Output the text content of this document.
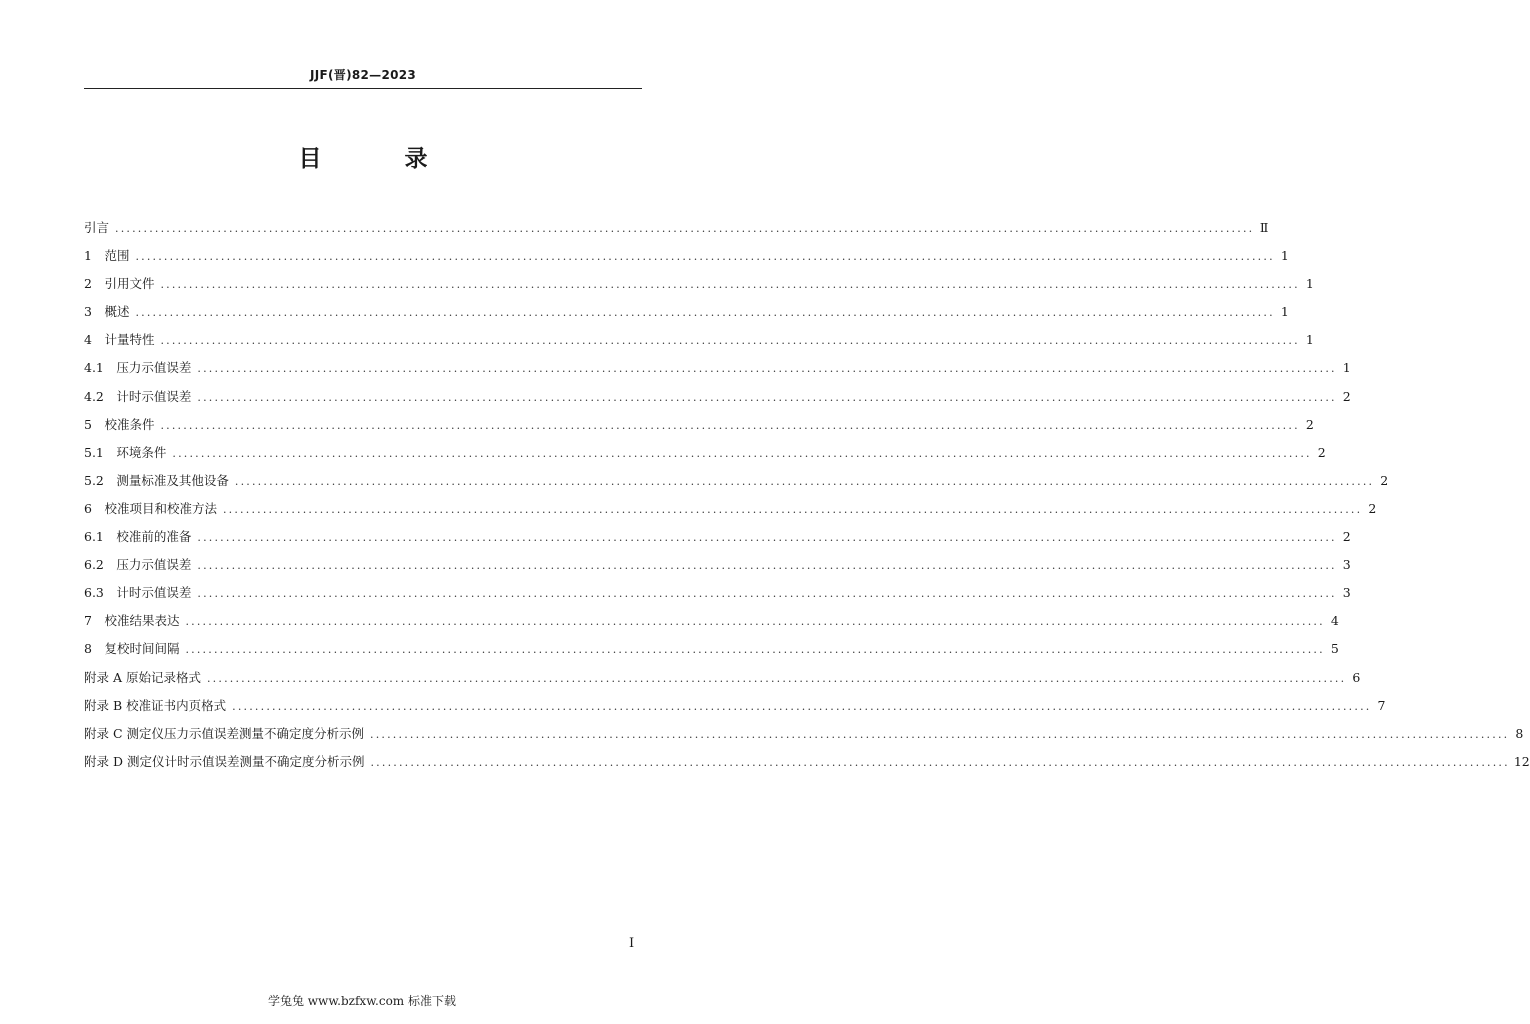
JJF(晋)82—2023
目　录
引言 ........................................................................................................................................................................................................ Ⅱ
1　范围 ........................................................................................................................................................................................................ 1
2　引用文件 ........................................................................................................................................................................................................ 1
3　概述 ........................................................................................................................................................................................................ 1
4　计量特性 ........................................................................................................................................................................................................ 1
4.1　压力示值误差 ........................................................................................................................................................................................................ 1
4.2　计时示值误差 ........................................................................................................................................................................................................ 2
5　校准条件 ........................................................................................................................................................................................................ 2
5.1　环境条件 ........................................................................................................................................................................................................ 2
5.2　测量标准及其他设备 ........................................................................................................................................................................................................ 2
6　校准项目和校准方法 ........................................................................................................................................................................................................ 2
6.1　校准前的准备 ........................................................................................................................................................................................................ 2
6.2　压力示值误差 ........................................................................................................................................................................................................ 3
6.3　计时示值误差 ........................................................................................................................................................................................................ 3
7　校准结果表达 ........................................................................................................................................................................................................ 4
8　复校时间间隔 ........................................................................................................................................................................................................ 5
附录 A 原始记录格式 ........................................................................................................................................................................................................ 6
附录 B 校准证书内页格式 ........................................................................................................................................................................................................ 7
附录 C 测定仪压力示值误差测量不确定度分析示例 ........................................................................................................................................................................................................ 8
附录 D 测定仪计时示值误差测量不确定度分析示例 ........................................................................................................................................................................................................ 12
Ⅰ
学兔兔 www.bzfxw.com 标准下载
